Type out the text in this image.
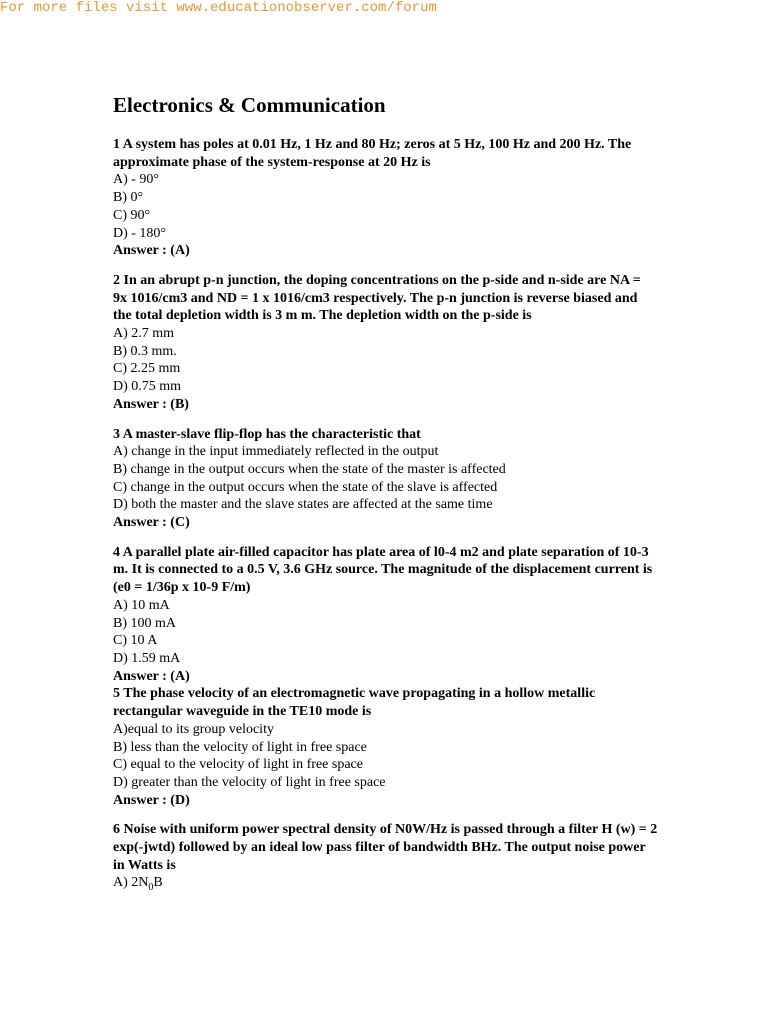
For more files visit www.educationobserver.com/forum
Electronics & Communication
1 A system has poles at 0.01 Hz, 1 Hz and 80 Hz; zeros at 5 Hz, 100 Hz and 200 Hz. The approximate phase of the system-response at 20 Hz is
A) - 90°
B) 0°
C) 90°
D) - 180°
Answer : (A)
2 In an abrupt p-n junction, the doping concentrations on the p-side and n-side are NA = 9x 1016/cm3 and ND = 1 x 1016/cm3 respectively. The p-n junction is reverse biased and the total depletion width is 3 m m. The depletion width on the p-side is
A) 2.7 mm
B) 0.3 mm.
C) 2.25 mm
D) 0.75 mm
Answer : (B)
3 A master-slave flip-flop has the characteristic that
A) change in the input immediately reflected in the output
B) change in the output occurs when the state of the master is affected
C) change in the output occurs when the state of the slave is affected
D) both the master and the slave states are affected at the same time
Answer : (C)
4 A parallel plate air-filled capacitor has plate area of l0-4 m2 and plate separation of 10-3 m. It is connected to a 0.5 V, 3.6 GHz source. The magnitude of the displacement current is (e0 = 1/36p x 10-9 F/m)
A) 10 mA
B) 100 mA
C) 10 A
D) 1.59 mA
Answer : (A)
5 The phase velocity of an electromagnetic wave propagating in a hollow metallic rectangular waveguide in the TE10 mode is
A)equal to its group velocity
B) less than the velocity of light in free space
C) equal to the velocity of light in free space
D) greater than the velocity of light in free space
Answer : (D)
6 Noise with uniform power spectral density of N0W/Hz is passed through a filter H (w) = 2 exp(-jwtd) followed by an ideal low pass filter of bandwidth BHz. The output noise power in Watts is
A) $2N_0B$
